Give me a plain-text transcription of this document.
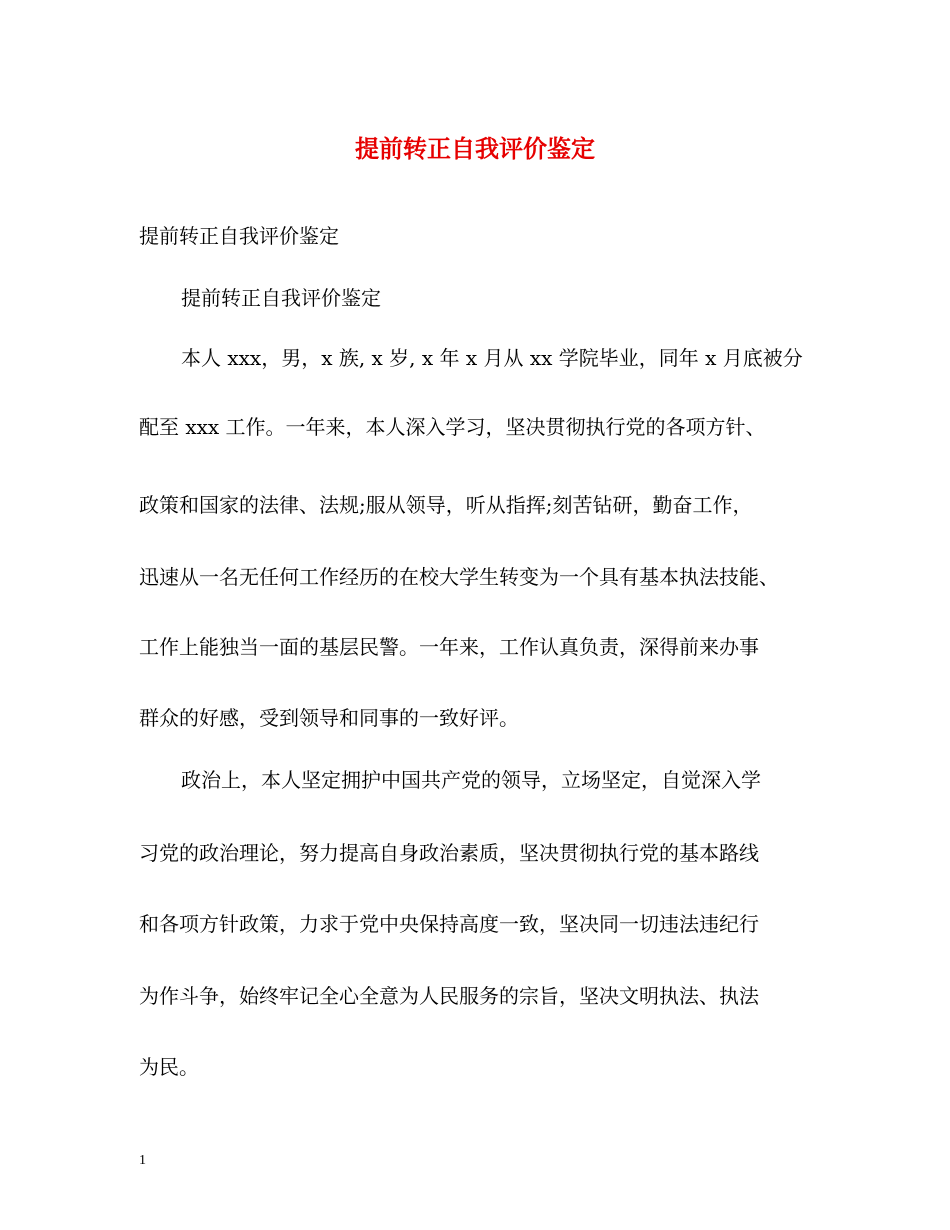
提前转正自我评价鉴定
提前转正自我评价鉴定
提前转正自我评价鉴定
本人 xxx，男，x 族, x 岁, x 年 x 月从 xx 学院毕业，同年 x 月底被分
配至 xxx 工作。一年来，本人深入学习，坚决贯彻执行党的各项方针、
政策和国家的法律、法规;服从领导，听从指挥;刻苦钻研，勤奋工作，
迅速从一名无任何工作经历的在校大学生转变为一个具有基本执法技能、
工作上能独当一面的基层民警。一年来，工作认真负责，深得前来办事
群众的好感，受到领导和同事的一致好评。
政治上，本人坚定拥护中国共产党的领导，立场坚定，自觉深入学
习党的政治理论，努力提高自身政治素质，坚决贯彻执行党的基本路线
和各项方针政策，力求于党中央保持高度一致，坚决同一切违法违纪行
为作斗争，始终牢记全心全意为人民服务的宗旨，坚决文明执法、执法
为民。
1
